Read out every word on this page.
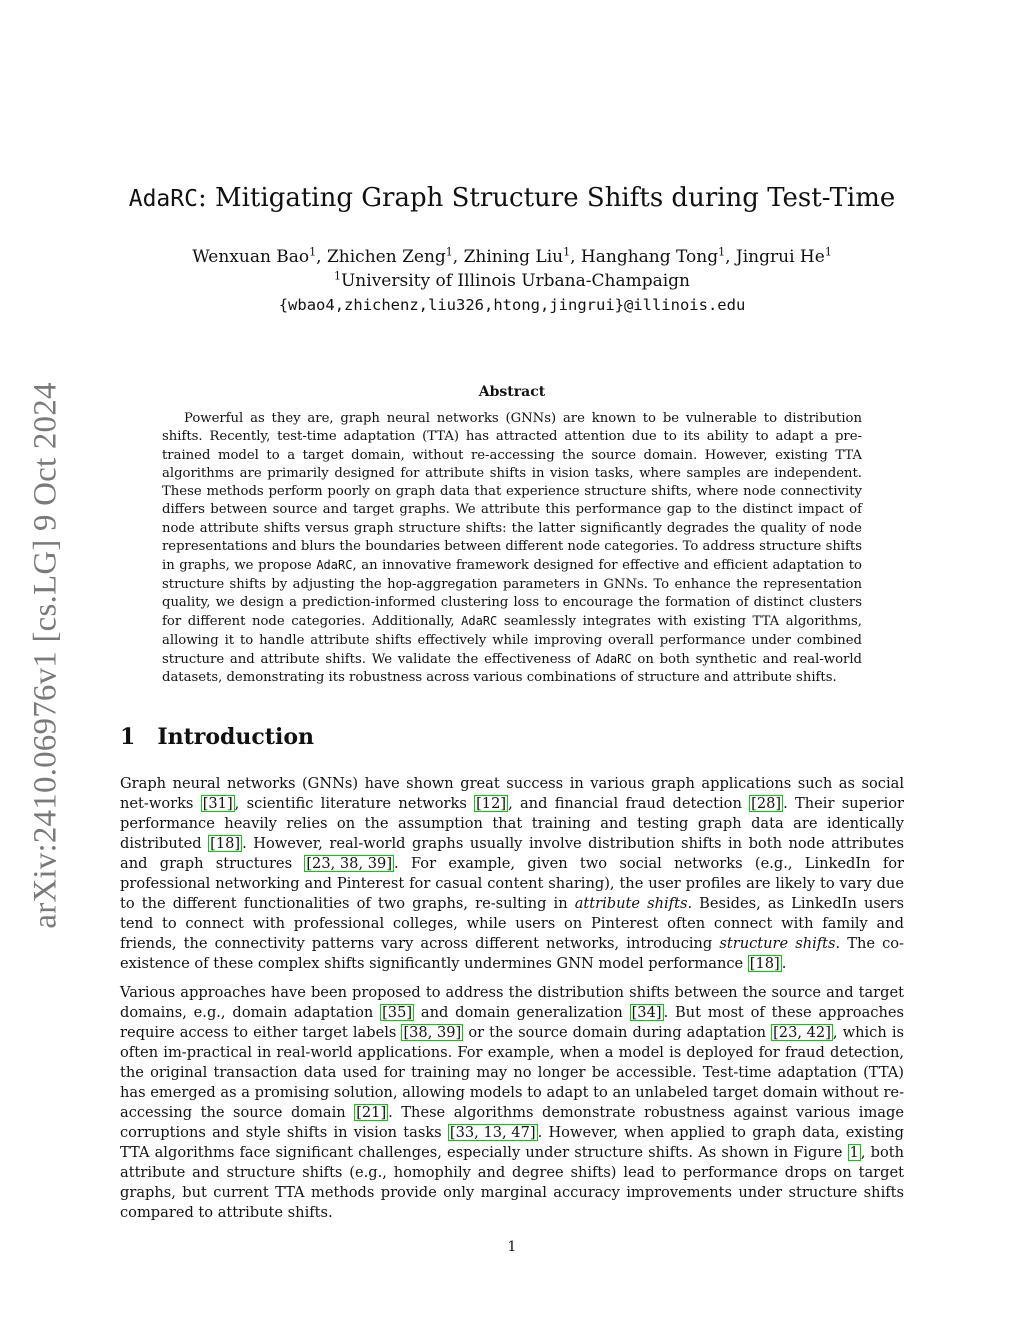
arXiv:2410.06976v1 [cs.LG] 9 Oct 2024
AdaRC: Mitigating Graph Structure Shifts during Test-Time
Wenxuan Bao$^1$, Zhichen Zeng$^1$, Zhining Liu$^1$, Hanghang Tong$^1$, Jingrui He$^1$
$^1$University of Illinois Urbana-Champaign
{wbao4,zhichenz,liu326,htong,jingrui}@illinois.edu
Abstract

Powerful as they are, graph neural networks (GNNs) are known to be vulnerable to distribution shifts. Recently, test-time adaptation (TTA) has attracted attention due to its ability to adapt a pre-trained model to a target domain, without re-accessing the source domain. However, existing TTA algorithms are primarily designed for attribute shifts in vision tasks, where samples are independent. These methods perform poorly on graph data that experience structure shifts, where node connectivity differs between source and target graphs. We attribute this performance gap to the distinct impact of node attribute shifts versus graph structure shifts: the latter significantly degrades the quality of node representations and blurs the boundaries between different node categories. To address structure shifts in graphs, we propose AdaRC, an innovative framework designed for effective and efficient adaptation to structure shifts by adjusting the hop-aggregation parameters in GNNs. To enhance the representation quality, we design a prediction-informed clustering loss to encourage the formation of distinct clusters for different node categories. Additionally, AdaRC seamlessly integrates with existing TTA algorithms, allowing it to handle attribute shifts effectively while improving overall performance under combined structure and attribute shifts. We validate the effectiveness of AdaRC on both synthetic and real-world datasets, demonstrating its robustness across various combinations of structure and attribute shifts.

1 Introduction

Graph neural networks (GNNs) have shown great success in various graph applications such as social net-works [31] , scientific literature networks [12] , and financial fraud detection [28] . Their superior performance heavily relies on the assumption that training and testing graph data are identically distributed [18] . However, real-world graphs usually involve distribution shifts in both node attributes and graph structures [23, 38, 39] . For example, given two social networks (e.g., LinkedIn for professional networking and Pinterest for casual content sharing), the user profiles are likely to vary due to the different functionalities of two graphs, re-sulting in attribute shifts. Besides, as LinkedIn users tend to connect with professional colleges, while users on Pinterest often connect with family and friends, the connectivity patterns vary across different networks, introducing structure shifts. The co-existence of these complex shifts significantly undermines GNN model performance [18] .

Various approaches have been proposed to address the distribution shifts between the source and target domains, e.g., domain adaptation [35] and domain generalization [34] . But most of these approaches require access to either target labels [38, 39] or the source domain during adaptation [23, 42] , which is often im-practical in real-world applications. For example, when a model is deployed for fraud detection, the original transaction data used for training may no longer be accessible. Test-time adaptation (TTA) has emerged as a promising solution, allowing models to adapt to an unlabeled target domain without re-accessing the source domain [21] . These algorithms demonstrate robustness against various image corruptions and style shifts in vision tasks [33, 13, 47] . However, when applied to graph data, existing TTA algorithms face significant challenges, especially under structure shifts. As shown in Figure 1 , both attribute and structure shifts (e.g., homophily and degree shifts) lead to performance drops on target graphs, but current TTA methods provide only marginal accuracy improvements under structure shifts compared to attribute shifts.

1
